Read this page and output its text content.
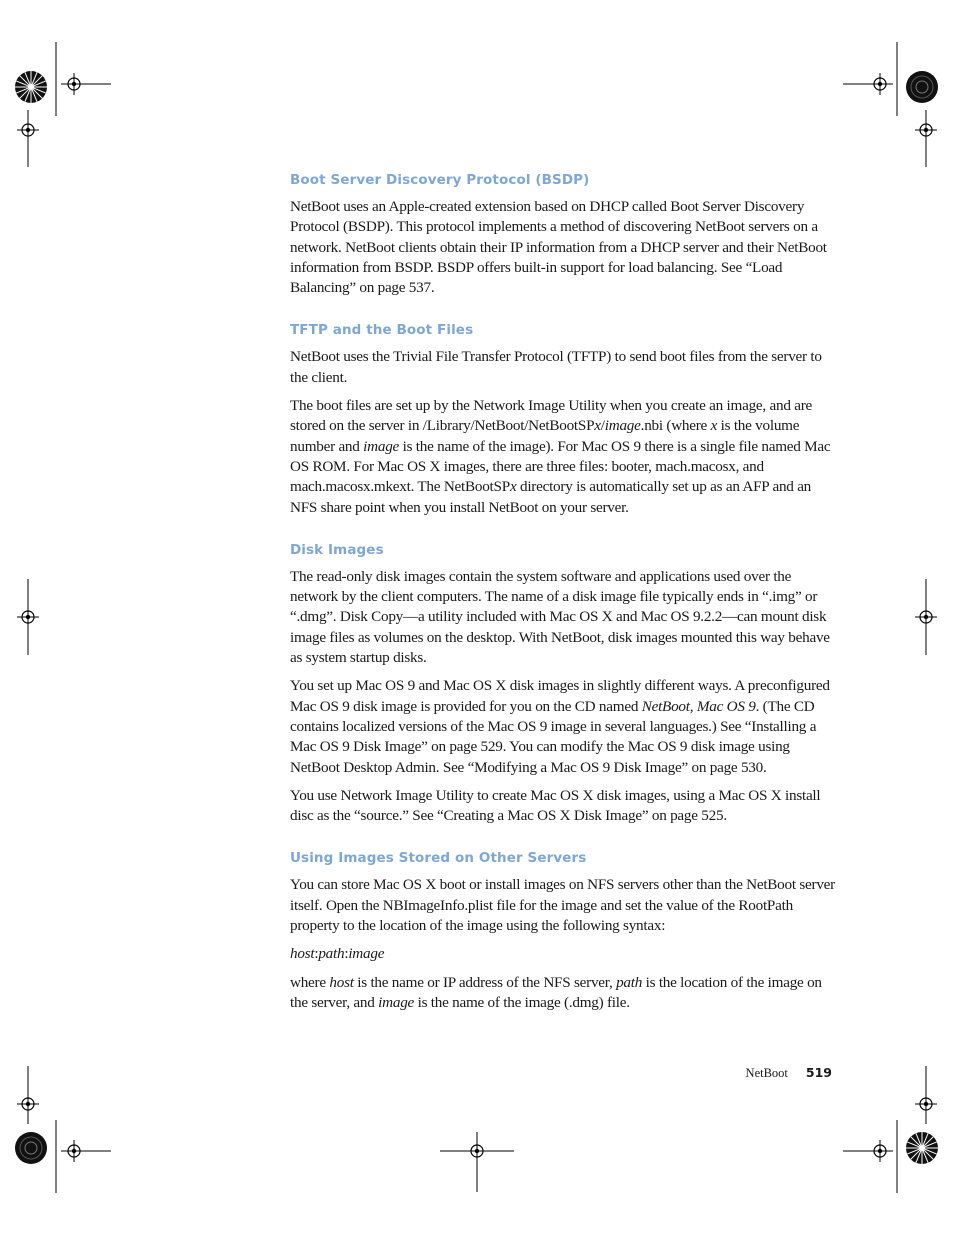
Boot Server Discovery Protocol (BSDP)

NetBoot uses an Apple-created extension based on DHCP called Boot Server Discovery Protocol (BSDP). This protocol implements a method of discovering NetBoot servers on a network. NetBoot clients obtain their IP information from a DHCP server and their NetBoot information from BSDP. BSDP offers built-in support for load balancing. See “Load Balancing” on page 537.

TFTP and the Boot Files

NetBoot uses the Trivial File Transfer Protocol (TFTP) to send boot files from the server to the client.

The boot files are set up by the Network Image Utility when you create an image, and are stored on the server in /Library/NetBoot/NetBootSPx/image.nbi (where x is the volume number and image is the name of the image). For Mac OS 9 there is a single file named Mac OS ROM. For Mac OS X images, there are three files: booter, mach.macosx, and mach.macosx.mkext. The NetBootSPx directory is automatically set up as an AFP and an NFS share point when you install NetBoot on your server.

Disk Images

The read-only disk images contain the system software and applications used over the network by the client computers. The name of a disk image file typically ends in “.img” or “.dmg”. Disk Copy—a utility included with Mac OS X and Mac OS 9.2.2—can mount disk image files as volumes on the desktop. With NetBoot, disk images mounted this way behave as system startup disks.

You set up Mac OS 9 and Mac OS X disk images in slightly different ways. A preconfigured Mac OS 9 disk image is provided for you on the CD named NetBoot, Mac OS 9. (The CD contains localized versions of the Mac OS 9 image in several languages.) See “Installing a Mac OS 9 Disk Image” on page 529. You can modify the Mac OS 9 disk image using NetBoot Desktop Admin. See “Modifying a Mac OS 9 Disk Image” on page 530.

You use Network Image Utility to create Mac OS X disk images, using a Mac OS X install disc as the “source.” See “Creating a Mac OS X Disk Image” on page 525.

Using Images Stored on Other Servers

You can store Mac OS X boot or install images on NFS servers other than the NetBoot server itself. Open the NBImageInfo.plist file for the image and set the value of the RootPath property to the location of the image using the following syntax:

host:path:image

where host is the name or IP address of the NFS server, path is the location of the image on the server, and image is the name of the image (.dmg) file.

NetBoot 519
